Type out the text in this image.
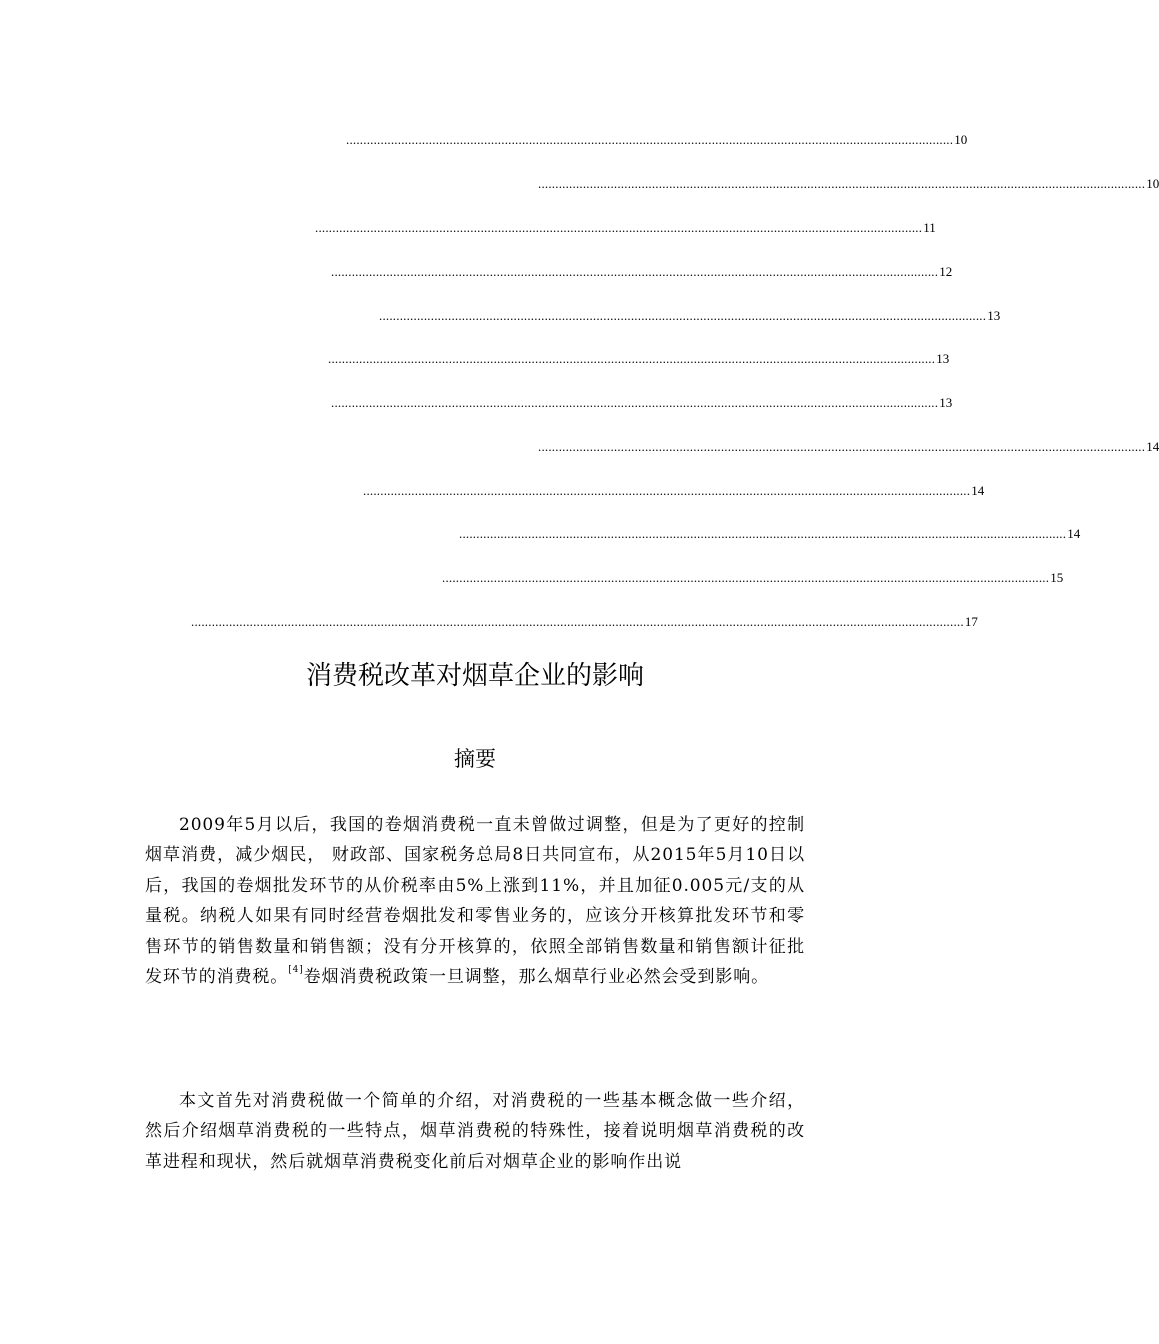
................................................................................................................................................................................ 10
................................................................................................................................................................................ 10
................................................................................................................................................................................ 11
................................................................................................................................................................................ 12
................................................................................................................................................................................ 13
................................................................................................................................................................................ 13
................................................................................................................................................................................ 13
................................................................................................................................................................................ 14
................................................................................................................................................................................ 14
................................................................................................................................................................................ 14
................................................................................................................................................................................ 15
................................................................................................................................................................................................................................ 17
消费税改革对烟草企业的影响
摘要

2009年5月以后，我国的卷烟消费税一直未曾做过调整，但是为了更好的控制烟草消费，减少烟民， 财政部、国家税务总局8日共同宣布，从2015年5月10日以后，我国的卷烟批发环节的从价税率由5%上涨到11%，并且加征0.005元/支的从量税。纳税人如果有同时经营卷烟批发和零售业务的，应该分开核算批发环节和零售环节的销售数量和销售额；没有分开核算的，依照全部销售数量和销售额计征批发环节的消费税。[4]卷烟消费税政策一旦调整，那么烟草行业必然会受到影响。

本文首先对消费税做一个简单的介绍，对消费税的一些基本概念做一些介绍，然后介绍烟草消费税的一些特点，烟草消费税的特殊性，接着说明烟草消费税的改革进程和现状，然后就烟草消费税变化前后对烟草企业的影响作出说
